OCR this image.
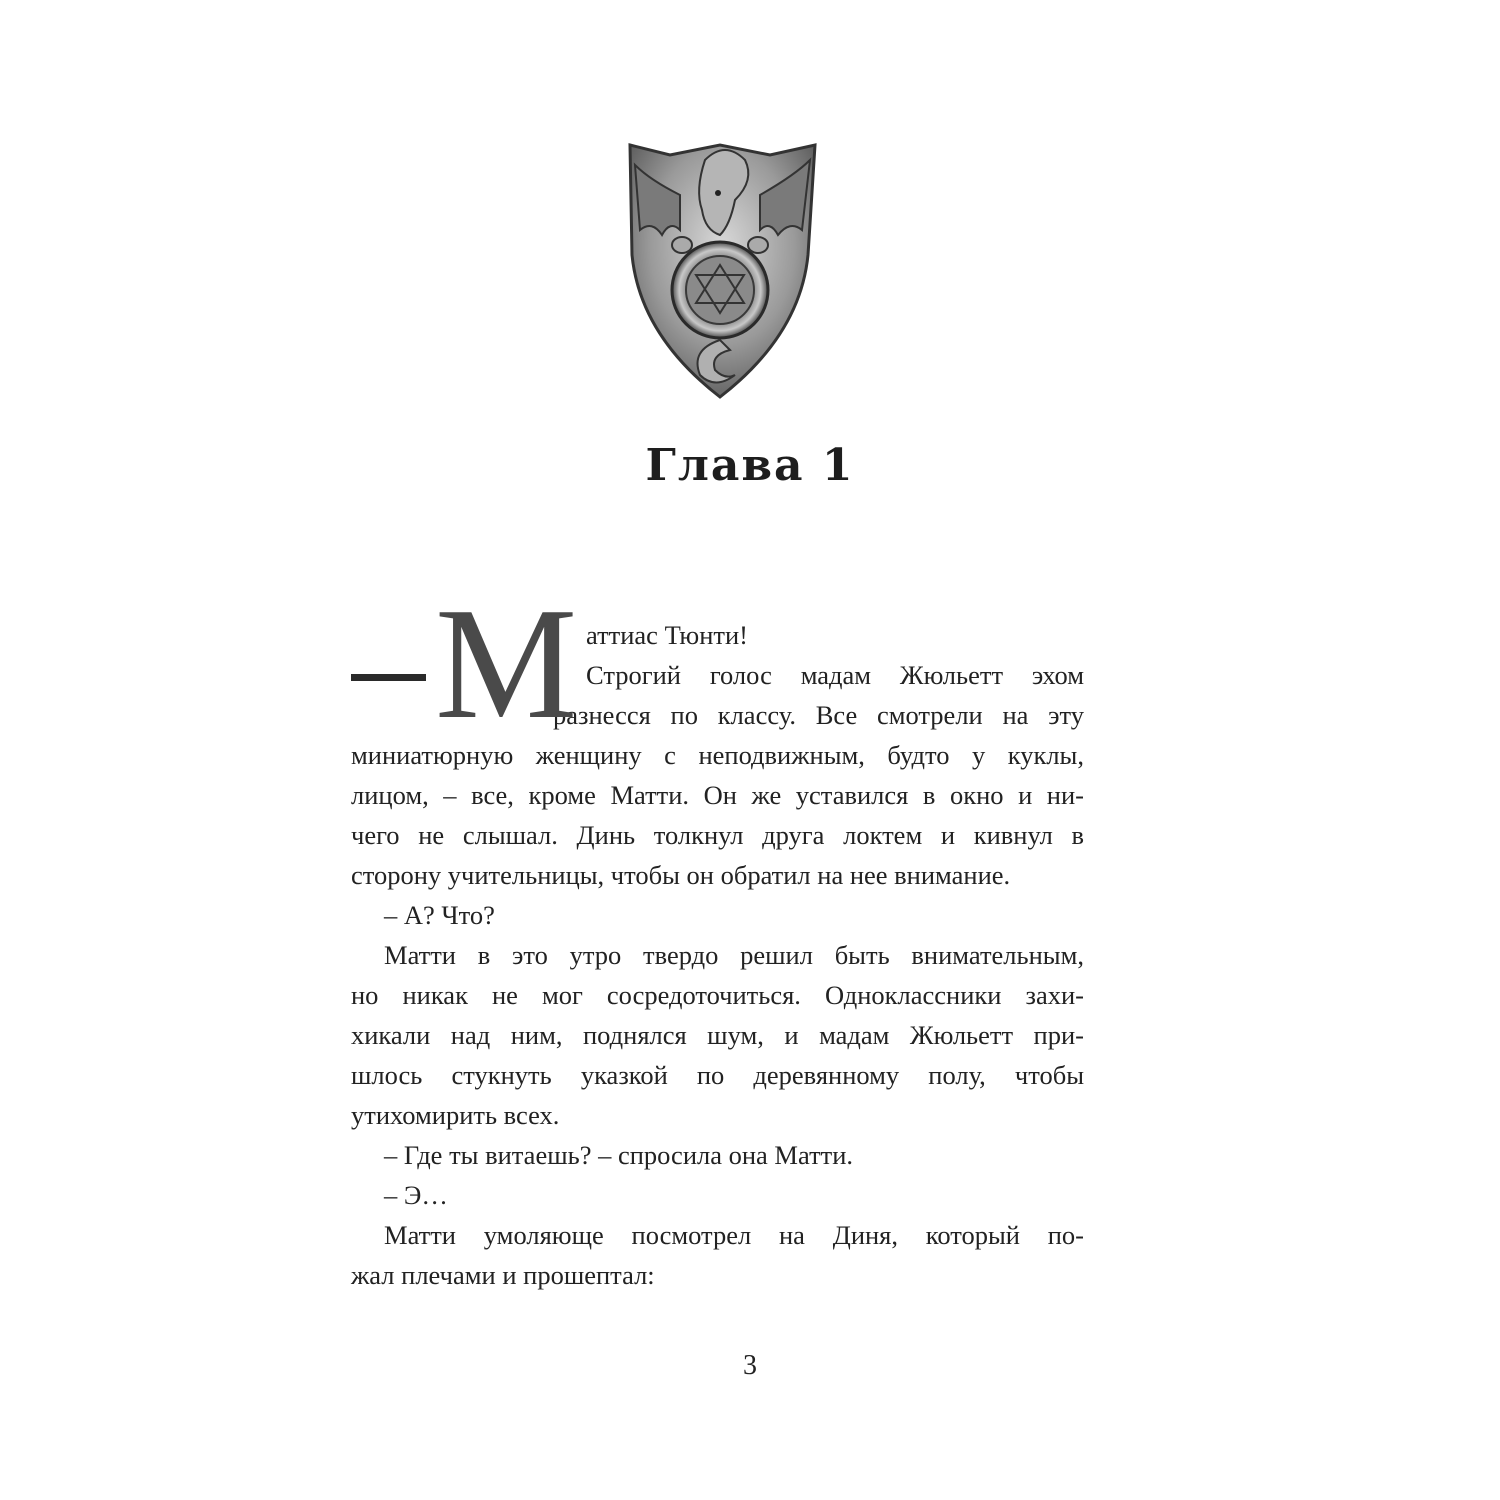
Глава 1
М аттиас Тюнти!
Строгий голос мадам Жюльетт эхом
разнесся по классу. Все смотрели на эту
миниатюрную женщину с неподвижным, будто у куклы,
лицом, – все, кроме Матти. Он же уставился в окно и ни-
чего не слышал. Динь толкнул друга локтем и кивнул в
сторону учительницы, чтобы он обратил на нее внимание.
– А? Что?
Матти в это утро твердо решил быть внимательным,
но никак не мог сосредоточиться. Одноклассники захи-
хикали над ним, поднялся шум, и мадам Жюльетт при-
шлось стукнуть указкой по деревянному полу, чтобы
утихомирить всех.
– Где ты витаешь? – спросила она Матти.
– Э…
Матти умоляюще посмотрел на Диня, который по-
жал плечами и прошептал:
3
